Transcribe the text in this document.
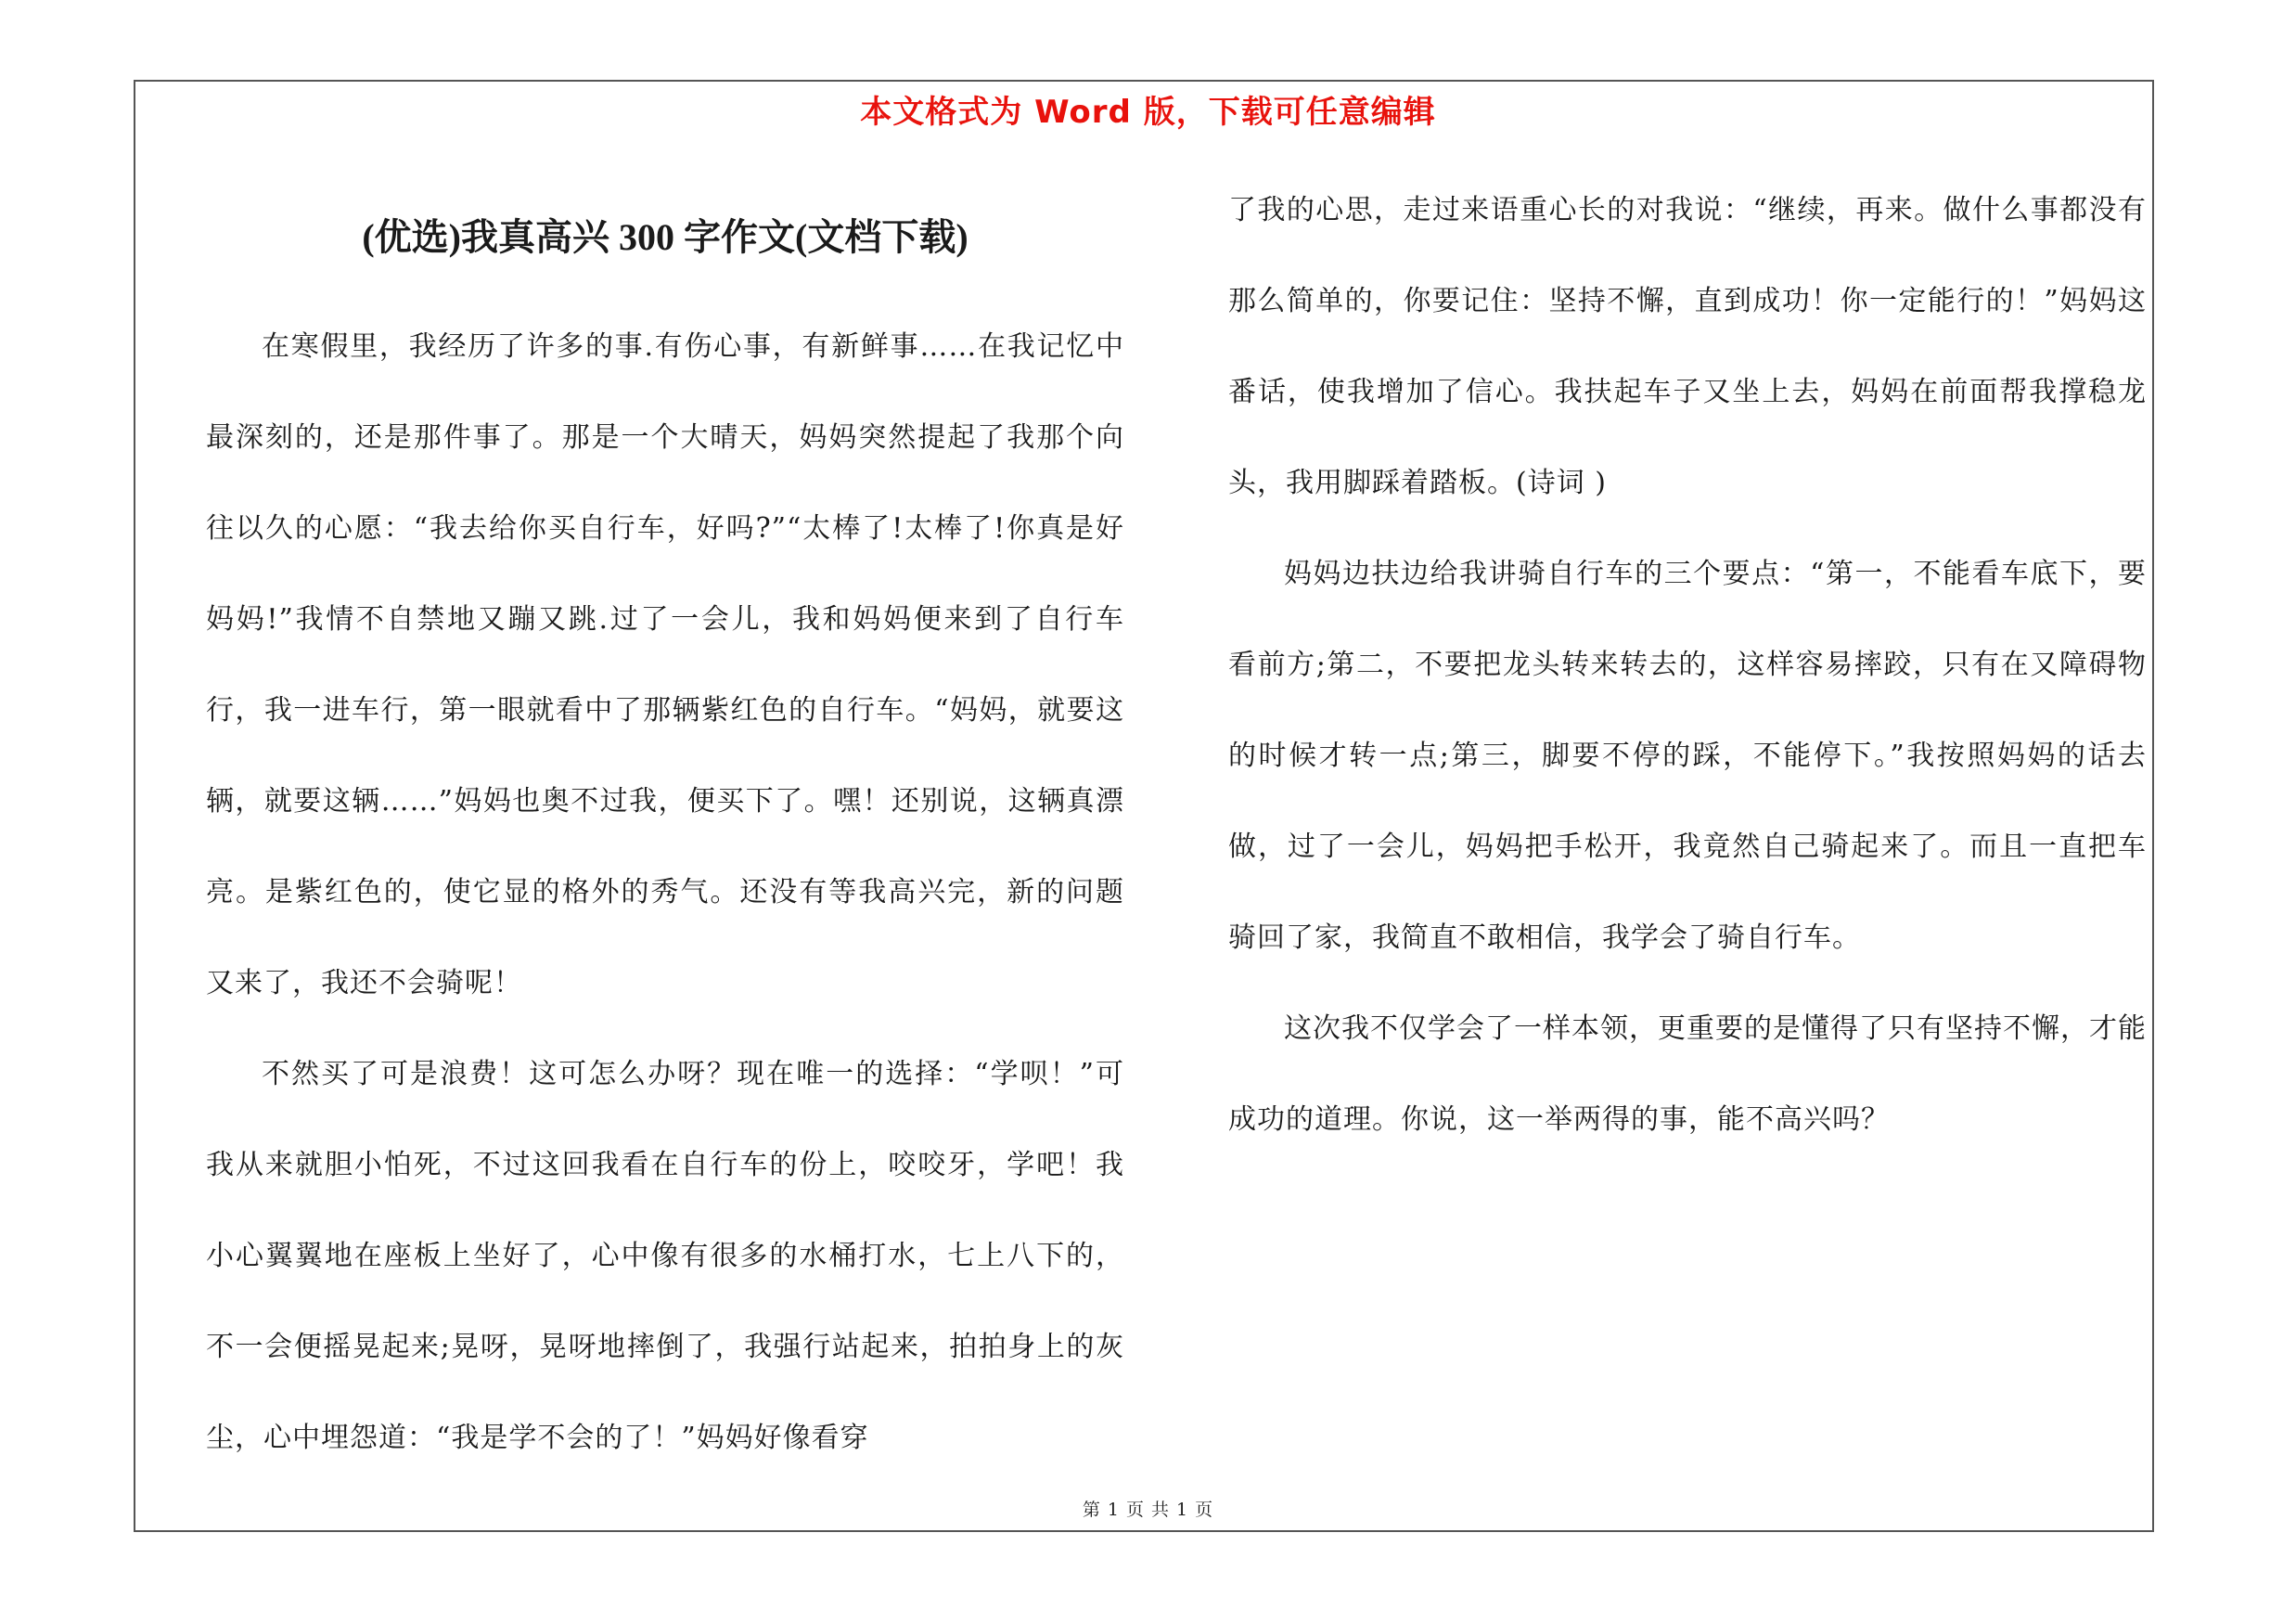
本文格式为 Word 版，下载可任意编辑
(优选)我真高兴 300 字作文(文档下载)

在寒假里，我经历了许多的事.有伤心事，有新鲜事……在我记忆中最深刻的，还是那件事了。那是一个大晴天，妈妈突然提起了我那个向往以久的心愿：“我去给你买自行车，好吗?”“太棒了!太棒了!你真是好妈妈!”我情不自禁地又蹦又跳.过了一会儿，我和妈妈便来到了自行车行，我一进车行，第一眼就看中了那辆紫红色的自行车。“妈妈，就要这辆，就要这辆……”妈妈也奥不过我，便买下了。嘿！还别说，这辆真漂亮。是紫红色的，使它显的格外的秀气。还没有等我高兴完，新的问题又来了，我还不会骑呢！

不然买了可是浪费！这可怎么办呀？现在唯一的选择：“学呗！”可我从来就胆小怕死，不过这回我看在自行车的份上，咬咬牙，学吧！我小心翼翼地在座板上坐好了，心中像有很多的水桶打水，七上八下的，不一会便摇晃起来;晃呀，晃呀地摔倒了，我强行站起来，拍拍身上的灰尘，心中埋怨道：“我是学不会的了！”妈妈好像看穿

了我的心思，走过来语重心长的对我说：“继续，再来。做什么事都没有那么简单的，你要记住：坚持不懈，直到成功！你一定能行的！”妈妈这番话，使我增加了信心。我扶起车子又坐上去，妈妈在前面帮我撑稳龙头，我用脚踩着踏板。(诗词 )

妈妈边扶边给我讲骑自行车的三个要点：“第一，不能看车底下，要看前方;第二，不要把龙头转来转去的，这样容易摔跤，只有在又障碍物的时候才转一点;第三，脚要不停的踩，不能停下。”我按照妈妈的话去做，过了一会儿，妈妈把手松开，我竟然自己骑起来了。而且一直把车骑回了家，我简直不敢相信，我学会了骑自行车。

这次我不仅学会了一样本领，更重要的是懂得了只有坚持不懈，才能成功的道理。你说，这一举两得的事，能不高兴吗？

第 1 页 共 1 页
